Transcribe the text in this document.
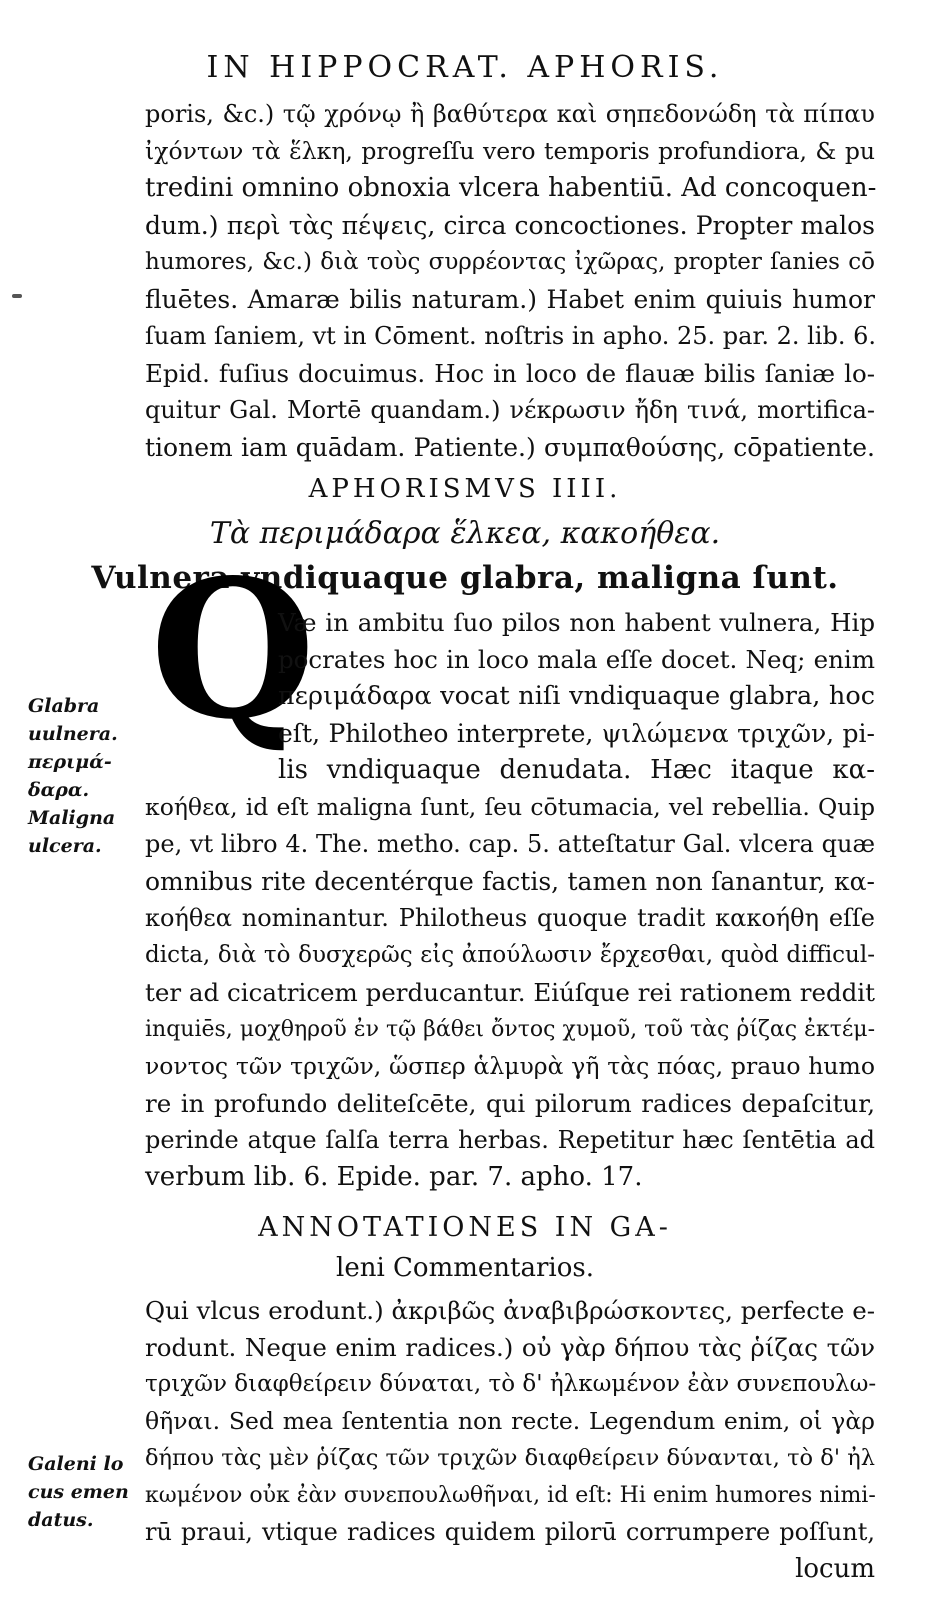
IN HIPPOCRAT. APHORIS.
poris, &c.) τῷ χρόνῳ ἢ βαθύτερα καὶ σηπεδονώδη τὰ πίπαυ
ἰχόντων τὰ ἕλκη, progreſſu vero temporis profundiora, & pu
tredini omnino obnoxia vlcera habentiū. Ad concoquen-
dum.) περὶ τὰς πέψεις, circa concoctiones. Propter malos
humores, &c.) διὰ τοὺς συρρέοντας ἰχῶρας, propter ſanies cō
fluētes. Amaræ bilis naturam.) Habet enim quiuis humor
ſuam ſaniem, vt in Cōment. noſtris in apho. 25. par. 2. lib. 6.
Epid. fuſius docuimus. Hoc in loco de flauæ bilis ſaniæ lo-
quitur Gal. Mortē quandam.) νέκρωσιν ἤδη τινά, mortifica-
tionem iam quādam. Patiente.) συμπαθούσης, cōpatiente.
APHORISMVS IIII.
Τὰ περιμάδαρα ἕλκεα, κακοήθεα.
Vulnera vndiquaque glabra, maligna ſunt.
Q
Væ in ambitu ſuo pilos non habent vulnera, Hip
pocrates hoc in loco mala eſſe docet. Neq; enim
περιμάδαρα vocat niſi vndiquaque glabra, hoc
eſt, Philotheo interprete, ψιλώμενα τριχῶν, pi-
lis vndiquaque denudata. Hæc itaque κα-
κοήθεα, id eſt maligna ſunt, ſeu cōtumacia, vel rebellia. Quip
pe, vt libro 4. The. metho. cap. 5. atteſtatur Gal. vlcera quæ
omnibus rite decentérque factis, tamen non ſanantur, κα-
κοήθεα nominantur. Philotheus quoque tradit κακοήθη eſſe
dicta, διὰ τὸ δυσχερῶς εἰς ἀπούλωσιν ἔρχεσθαι, quòd difficul-
ter ad cicatricem perducantur. Eiúſque rei rationem reddit
inquiēs, μοχθηροῦ ἐν τῷ βάθει ὄντος χυμοῦ, τοῦ τὰς ῥίζας ἐκτέμ-
νοντος τῶν τριχῶν, ὥσπερ ἁλμυρὰ γῆ τὰς πόας, prauo humo
re in profundo deliteſcēte, qui pilorum radices depaſcitur,
perinde atque ſalſa terra herbas. Repetitur hæc ſentētia ad
verbum lib. 6. Epide. par. 7. apho. 17.
Glabra
uulnera.
περιμά-
δαρα.
Maligna
ulcera.
ANNOTATIONES IN GA-
leni Commentarios.
Qui vlcus erodunt.) ἀκριβῶς ἀναβιβρώσκοντες, perfecte e-
rodunt. Neque enim radices.) οὐ γὰρ δήπου τὰς ῥίζας τῶν
τριχῶν διαφθείρειν δύναται, τὸ δ' ἠλκωμένον ἐὰν συνεπουλω-
θῆναι. Sed mea ſententia non recte. Legendum enim, οἱ γὰρ
δήπου τὰς μὲν ῥίζας τῶν τριχῶν διαφθείρειν δύνανται, τὸ δ' ἠλ
κωμένον οὐκ ἐὰν συνεπουλωθῆναι, id eſt: Hi enim humores nimi-
rū praui, vtique radices quidem pilorū corrumpere poſſunt,
locum
Galeni lo
cus emen
datus.
